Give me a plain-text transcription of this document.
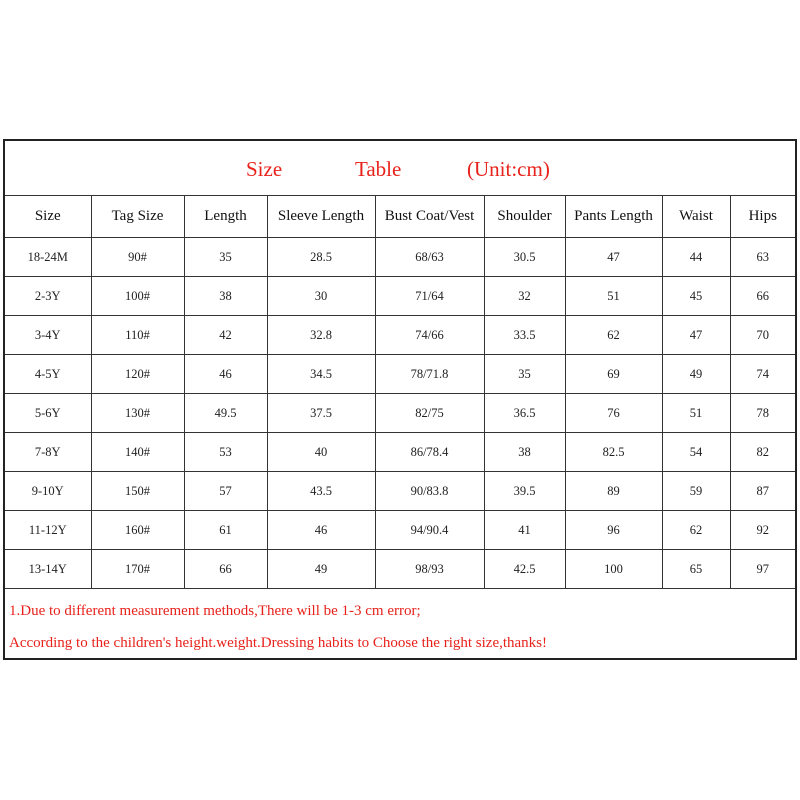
Size	Table	(Unit:cm)
Size	Tag Size	Length	Sleeve Length	Bust Coat/Vest	Shoulder	Pants Length	Waist	Hips
18-24M	90#	35	28.5	68/63	30.5	47	44	63
2-3Y	100#	38	30	71/64	32	51	45	66
3-4Y	110#	42	32.8	74/66	33.5	62	47	70
4-5Y	120#	46	34.5	78/71.8	35	69	49	74
5-6Y	130#	49.5	37.5	82/75	36.5	76	51	78
7-8Y	140#	53	40	86/78.4	38	82.5	54	82
9-10Y	150#	57	43.5	90/83.8	39.5	89	59	87
11-12Y	160#	61	46	94/90.4	41	96	62	92
13-14Y	170#	66	49	98/93	42.5	100	65	97
1.Due to different measurement methods,There will be 1-3 cm error;
According to the children's height.weight.Dressing habits to Choose the right size,thanks!
